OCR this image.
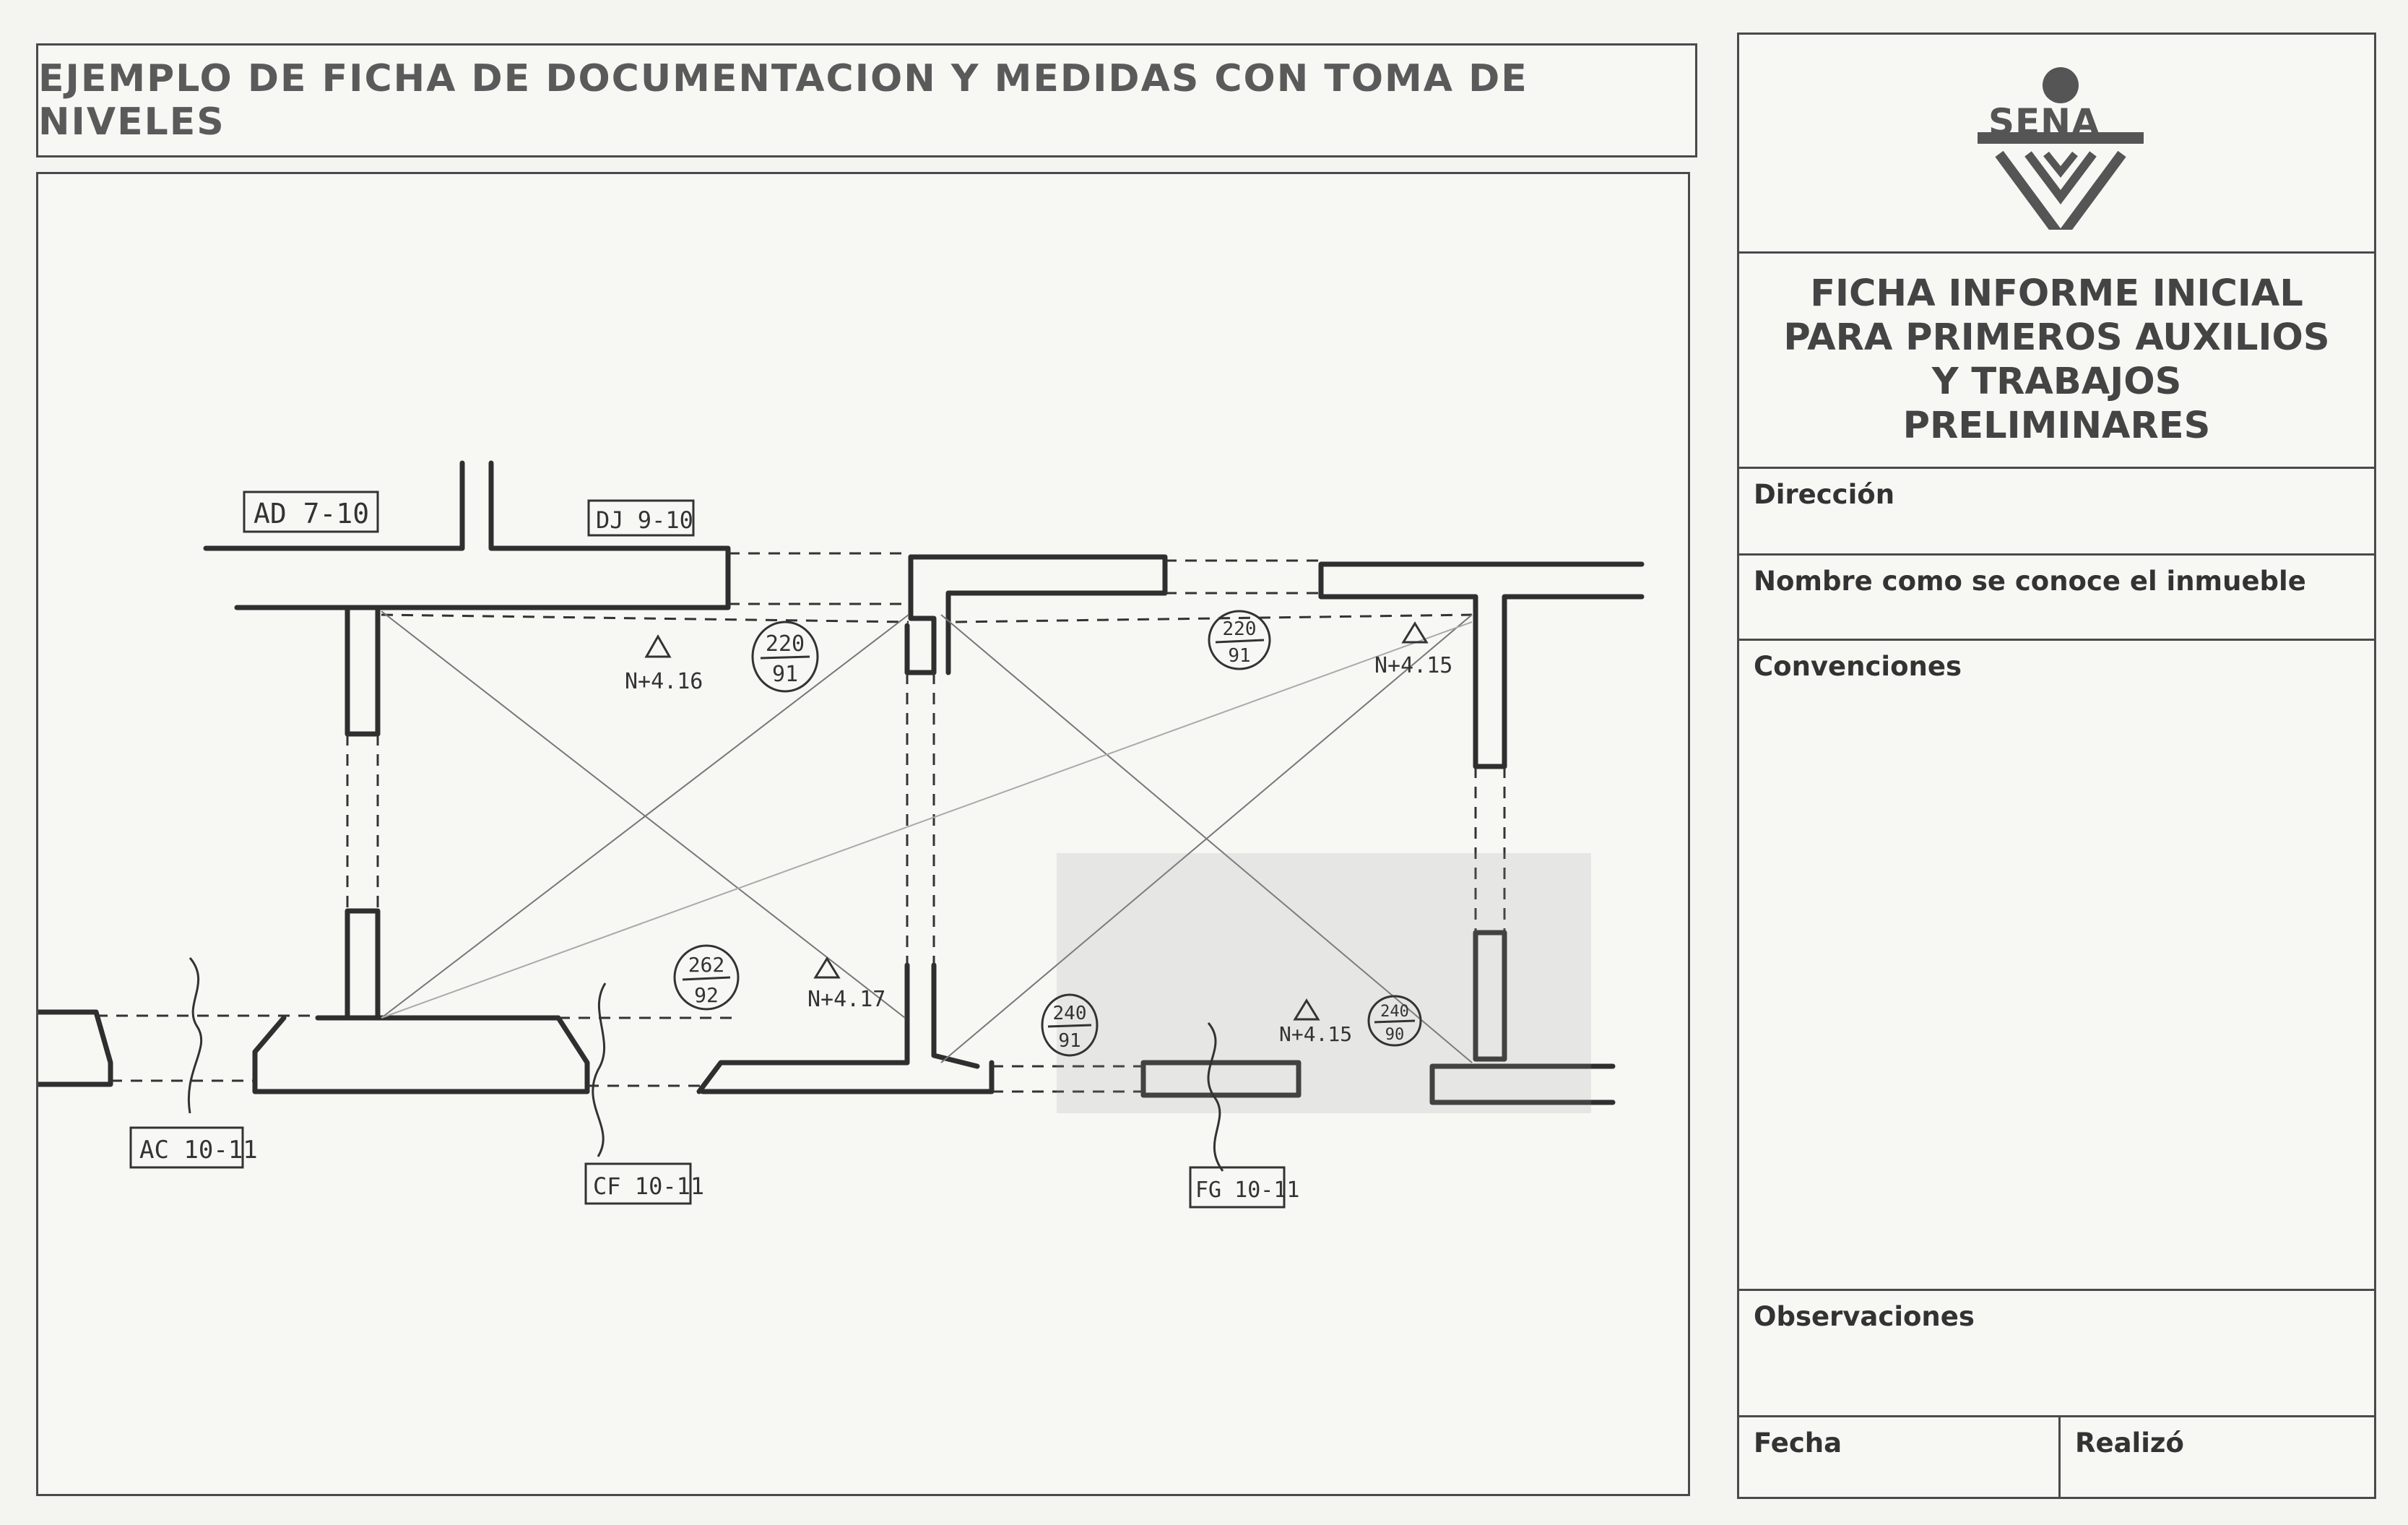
EJEMPLO DE FICHA DE DOCUMENTACION Y MEDIDAS CON TOMA DE NIVELES
AD 7-10	DJ 9-10
AC 10-11
CF 10-11	FG 10-11
N+4.16
N+4.15
N+4.17
N+4.15
220
91
220
91
262
92
240
91
240
90
SENA
FICHA INFORME INICIAL
PARA PRIMEROS AUXILIOS
Y TRABAJOS
PRELIMINARES
Dirección
Nombre como se conoce el inmueble
Convenciones
Observaciones
Fecha	Realizó
